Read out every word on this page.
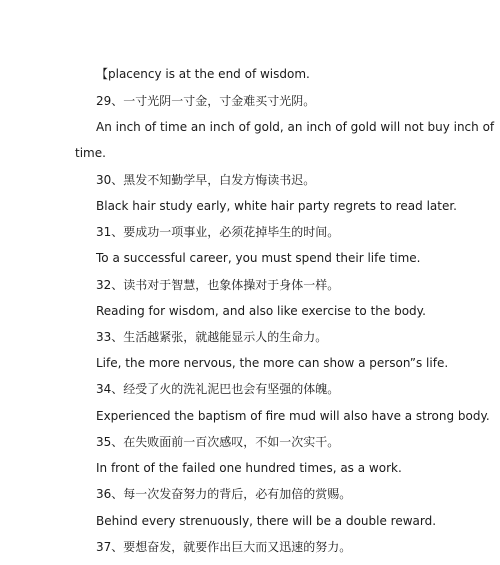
【placency is at the end of wisdom.
29、一寸光阴一寸金，寸金难买寸光阴。
An inch of time an inch of gold, an inch of gold will not buy inch of
time.
30、黑发不知勤学早，白发方悔读书迟。
Black hair study early, white hair party regrets to read later.
31、要成功一项事业，必须花掉毕生的时间。
To a successful career, you must spend their life time.
32、读书对于智慧，也象体操对于身体一样。
Reading for wisdom, and also like exercise to the body.
33、生活越紧张，就越能显示人的生命力。
Life, the more nervous, the more can show a person”s life.
34、经受了火的洗礼泥巴也会有坚强的体魄。
Experienced the baptism of fire mud will also have a strong body.
35、在失败面前一百次感叹，不如一次实干。
In front of the failed one hundred times, as a work.
36、每一次发奋努力的背后，必有加倍的赏赐。
Behind every strenuously, there will be a double reward.
37、要想奋发，就要作出巨大而又迅速的努力。
